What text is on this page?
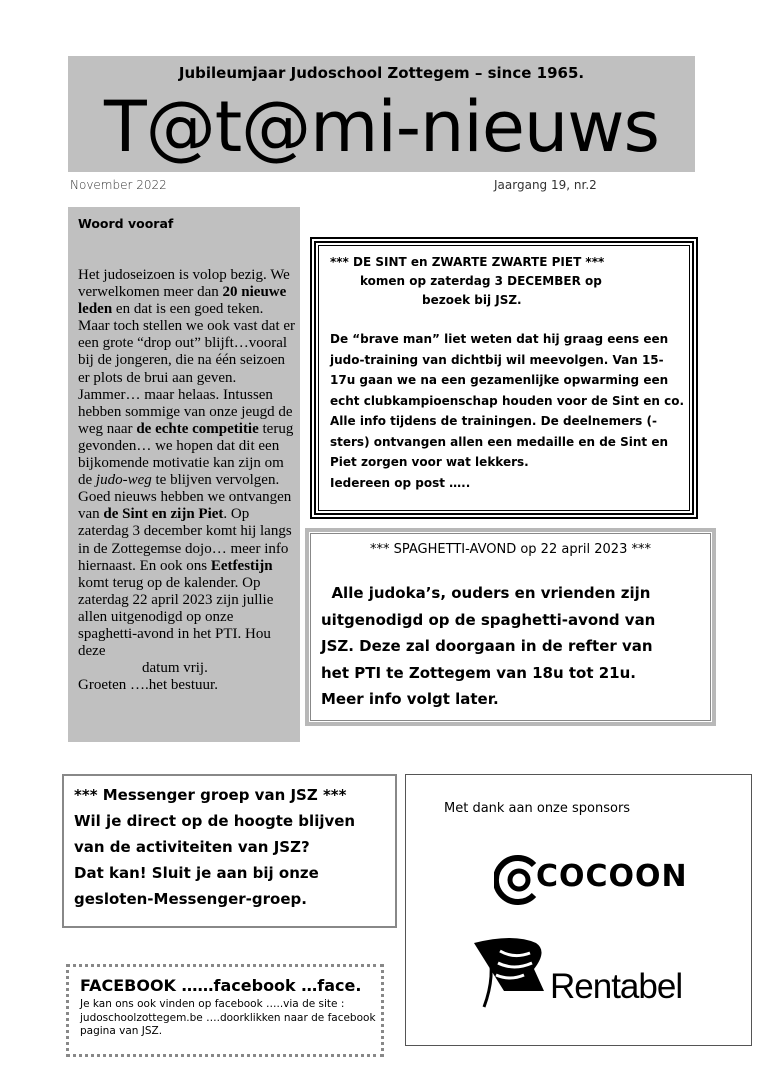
Jubileumjaar Judoschool Zottegem – since 1965.
T@t@mi-nieuws
November 2022	Jaargang 19, nr.2
Woord vooraf
Het judoseizoen is volop bezig. We verwelkomen meer dan 20 nieuwe leden en dat is een goed teken. Maar toch stellen we ook vast dat er een grote “drop out” blijft…vooral bij de jongeren, die na één seizoen er plots de brui aan geven. Jammer… maar helaas. Intussen hebben sommige van onze jeugd de weg naar de echte competitie terug gevonden… we hopen dat dit een bijkomende motivatie kan zijn om de judo-weg te blijven vervolgen. Goed nieuws hebben we ontvangen van de Sint en zijn Piet. Op zaterdag 3 december komt hij langs in de Zottegemse dojo… meer info hiernaast. En ook ons Eetfestijn komt terug op de kalender. Op zaterdag 22 april 2023 zijn jullie allen uitgenodigd op onze spaghetti-avond in het PTI. Hou deze
datum vrij.
Groeten ….het bestuur.
*** DE SINT en ZWARTE ZWARTE PIET ***
komen op zaterdag 3 DECEMBER op
bezoek bij JSZ.
De “brave man” liet weten dat hij graag eens een
judo-training van dichtbij wil meevolgen. Van 15-
17u gaan we na een gezamenlijke opwarming een
echt clubkampioenschap houden voor de Sint en co.
Alle info tijdens de trainingen. De deelnemers (-
sters) ontvangen allen een medaille en de Sint en
Piet zorgen voor wat lekkers.
Iedereen op post …..
*** SPAGHETTI-AVOND op 22 april 2023 ***
Alle judoka’s, ouders en vrienden zijn
uitgenodigd op de spaghetti-avond van
JSZ. Deze zal doorgaan in de refter van
het PTI te Zottegem van 18u tot 21u.
Meer info volgt later.
*** Messenger groep van JSZ ***
Wil je direct op de hoogte blijven
van de activiteiten van JSZ?
Dat kan! Sluit je aan bij onze
gesloten-Messenger-groep.
FACEBOOK ……facebook …face.
Je kan ons ook vinden op facebook …..via de site :
judoschoolzottegem.be ….doorklikken naar de facebook
pagina van JSZ.
Met dank aan onze sponsors
COCOON
Rentabel
